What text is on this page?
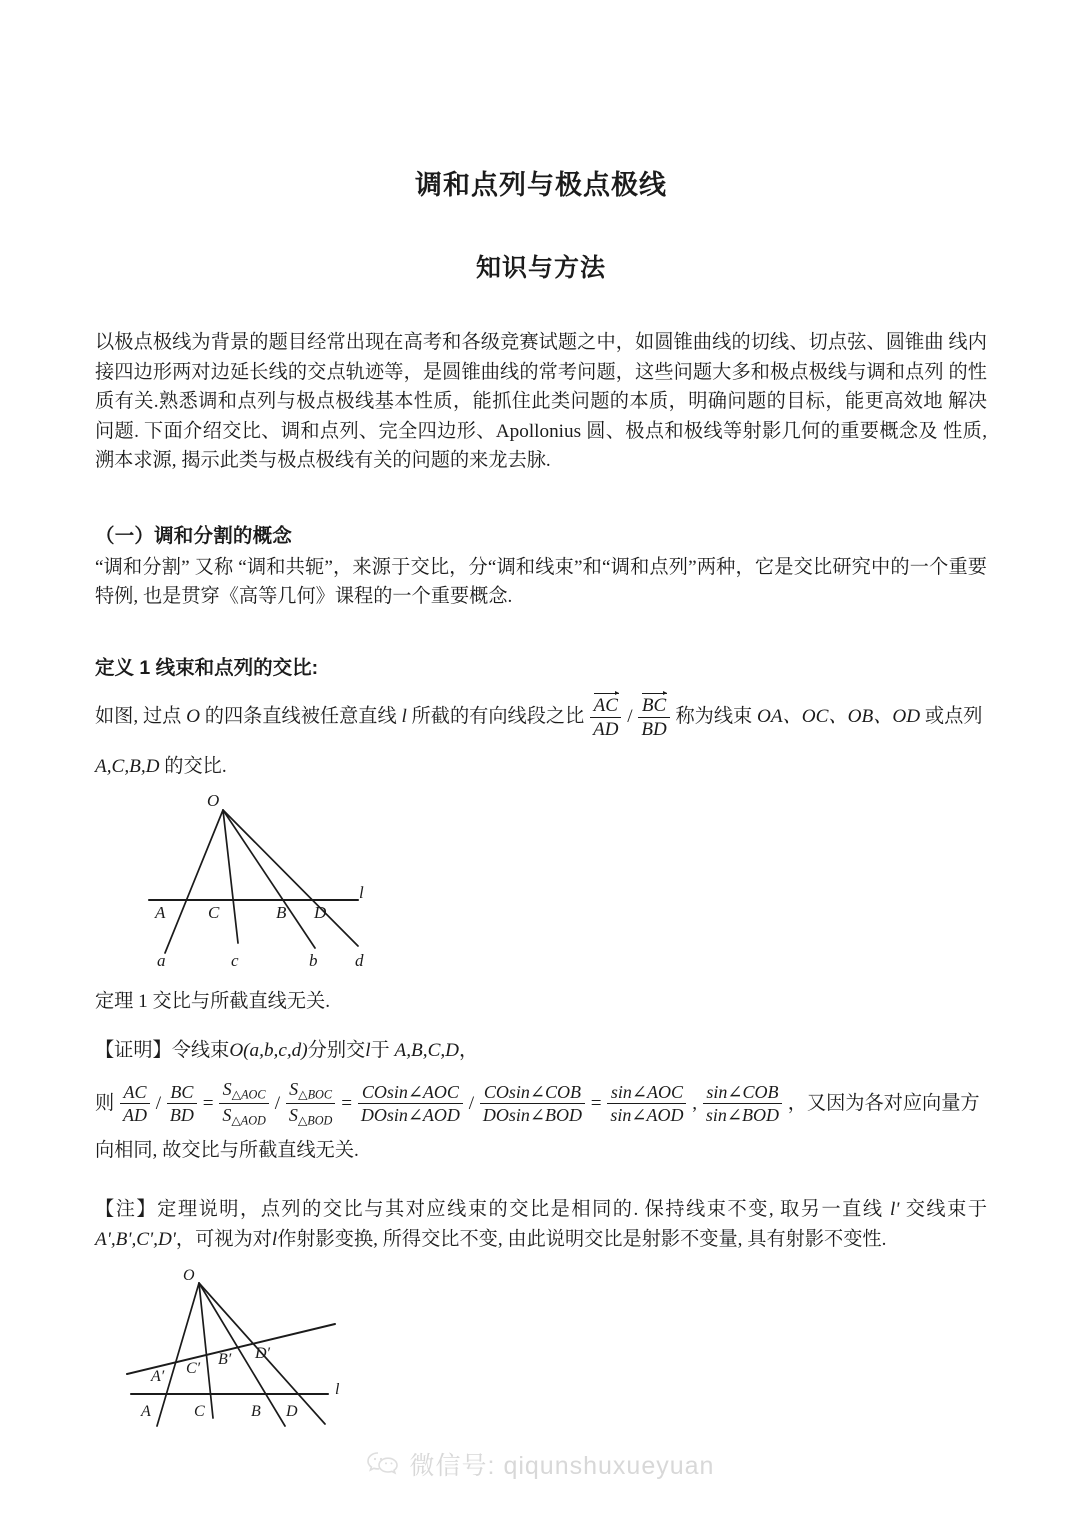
调和点列与极点极线
知识与方法

以极点极线为背景的题目经常出现在高考和各级竞赛试题之中，如圆锥曲线的切线、切点弦、圆锥曲 线内接四边形两对边延长线的交点轨迹等，是圆锥曲线的常考问题，这些问题大多和极点极线与调和点列 的性质有关.熟悉调和点列与极点极线基本性质，能抓住此类问题的本质，明确问题的目标，能更高效地 解决问题. 下面介绍交比、调和点列、完全四边形、Apollonius 圆、极点和极线等射影几何的重要概念及 性质, 溯本求源, 揭示此类与极点极线有关的问题的来龙去脉.

（一）调和分割的概念

“调和分割” 又称 “调和共轭”，来源于交比，分“调和线束”和“调和点列”两种，它是交比研究中的一个重要特例, 也是贯穿《高等几何》课程的一个重要概念.

定义 1 线束和点列的交比:

如图, 过点 O 的四条直线被任意直线 l 所截的有向线段之比 $\frac{AC}{AD} / \frac{BC}{BD}$ 称为线束 OA、OC、OB、OD 或点列

A,C,B,D 的交比.

O
l
A	C	B D
a	c	b d

定理 1 交比与所截直线无关.

【证明】令线束O(a,b,c,d)分别交l于 A,B,C,D，

则 $\frac{AC}{AD} / \frac{BC}{BD} = \frac{S_{\triangle AOC}}{S_{\triangle AOD}} / \frac{S_{\triangle BOC}}{S_{\triangle BOD}} = \frac{\text{COsin∠AOC}}{\text{DOsin∠AOD}} / \frac{\text{COsin∠COB}}{\text{DOsin∠BOD}} = \frac{\text{sin∠AOC}}{\text{sin∠AOD}}$ , $\frac{\text{sin∠COB}}{\text{sin∠BOD}}$ ，又因为各对应向量方向相同, 故交比与所截直线无关.

【注】定理说明，点列的交比与其对应线束的交比是相同的. 保持线束不变, 取另一直线 l' 交线束于 A',B',C',D'，可视为对l作射影变换, 所得交比不变, 由此说明交比是射影不变量, 具有射影不变性.

O
l
A′ C′
B′ D′
A	C	B D
微信号: qiqunshuxueyuan
